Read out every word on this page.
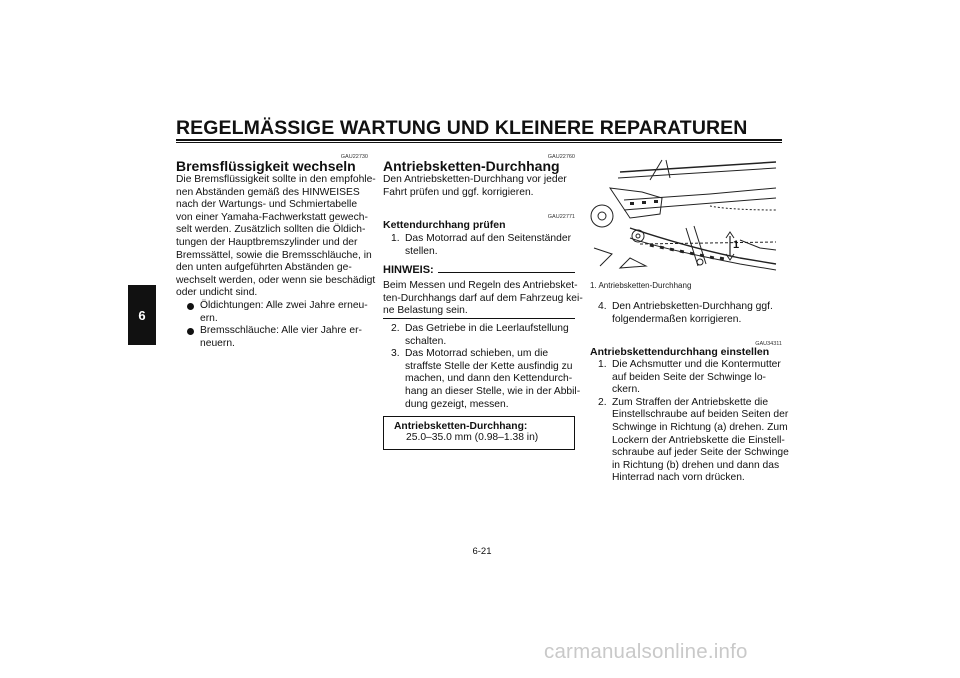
REGELMÄSSIGE WARTUNG UND KLEINERE REPARATUREN
6
GAU22730
Bremsflüssigkeit wechseln
Die Bremsflüssigkeit sollte in den empfohle-
nen Abständen gemäß des HINWEISES
nach der Wartungs- und Schmiertabelle
von einer Yamaha-Fachwerkstatt gewech-
selt werden. Zusätzlich sollten die Öldich-
tungen der Hauptbremszylinder und der
Bremssättel, sowie die Bremsschläuche, in
den unten aufgeführten Abständen ge-
wechselt werden, oder wenn sie beschädigt
oder undicht sind.
Öldichtungen: Alle zwei Jahre erneu-
ern.
Bremsschläuche: Alle vier Jahre er-
neuern.
GAU22760
Antriebsketten-Durchhang
Den Antriebsketten-Durchhang vor jeder
Fahrt prüfen und ggf. korrigieren.
GAU22771
Kettendurchhang prüfen
1. Das Motorrad auf den Seitenständer
stellen.
HINWEIS:
Beim Messen und Regeln des Antriebsket-
ten-Durchhangs darf auf dem Fahrzeug kei-
ne Belastung sein.
2. Das Getriebe in die Leerlaufstellung
schalten.
3. Das Motorrad schieben, um die
straffste Stelle der Kette ausfindig zu
machen, und dann den Kettendurch-
hang an dieser Stelle, wie in der Abbil-
dung gezeigt, messen.
Antriebsketten-Durchhang:
25.0–35.0 mm (0.98–1.38 in)
1
1. Antriebsketten-Durchhang
4. Den Antriebsketten-Durchhang ggf.
folgendermaßen korrigieren.
GAU34311
Antriebskettendurchhang einstellen
1. Die Achsmutter und die Kontermutter
auf beiden Seite der Schwinge lo-
ckern.
2. Zum Straffen der Antriebskette die
Einstellschraube auf beiden Seiten der
Schwinge in Richtung (a) drehen. Zum
Lockern der Antriebskette die Einstell-
schraube auf jeder Seite der Schwinge
in Richtung (b) drehen und dann das
Hinterrad nach vorn drücken.
6-21
carmanualsonline.info
